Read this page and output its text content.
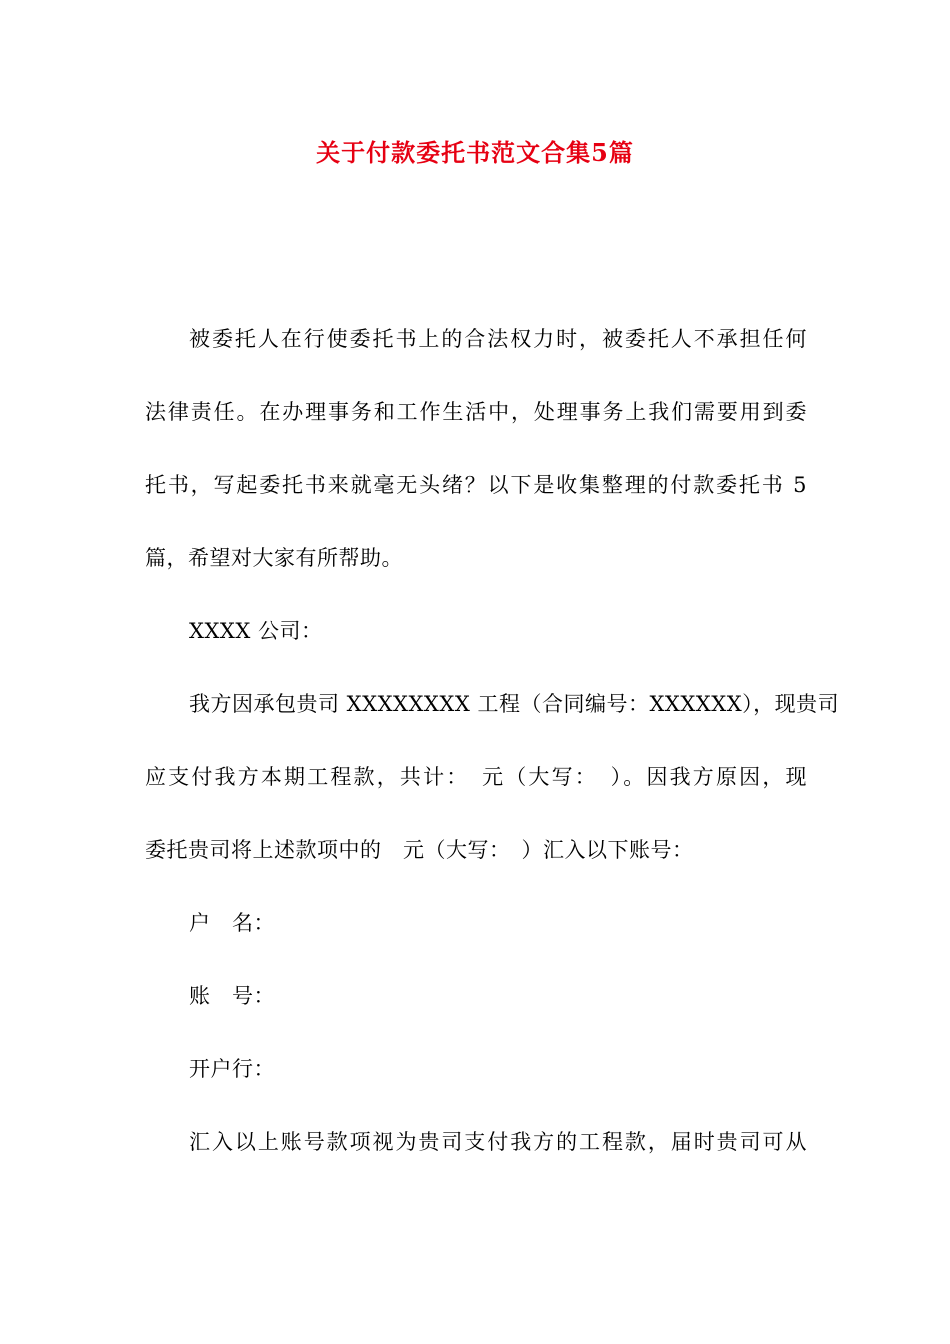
关于付款委托书范文合集5篇
被委托人在行使委托书上的合法权力时，被委托人不承担任何
法律责任。在办理事务和工作生活中，处理事务上我们需要用到委
托书，写起委托书来就毫无头绪？以下是收集整理的付款委托书 5
篇，希望对大家有所帮助。
XXXX 公司：
我方因承包贵司 XXXXXXXX 工程（合同编号：XXXXXX），现贵司
应支付我方本期工程款，共计：　元（大写：　）。因我方原因，现
委托贵司将上述款项中的　元（大写：　）汇入以下账号：
户　名：
账　号：
开户行：
汇入以上账号款项视为贵司支付我方的工程款，届时贵司可从
